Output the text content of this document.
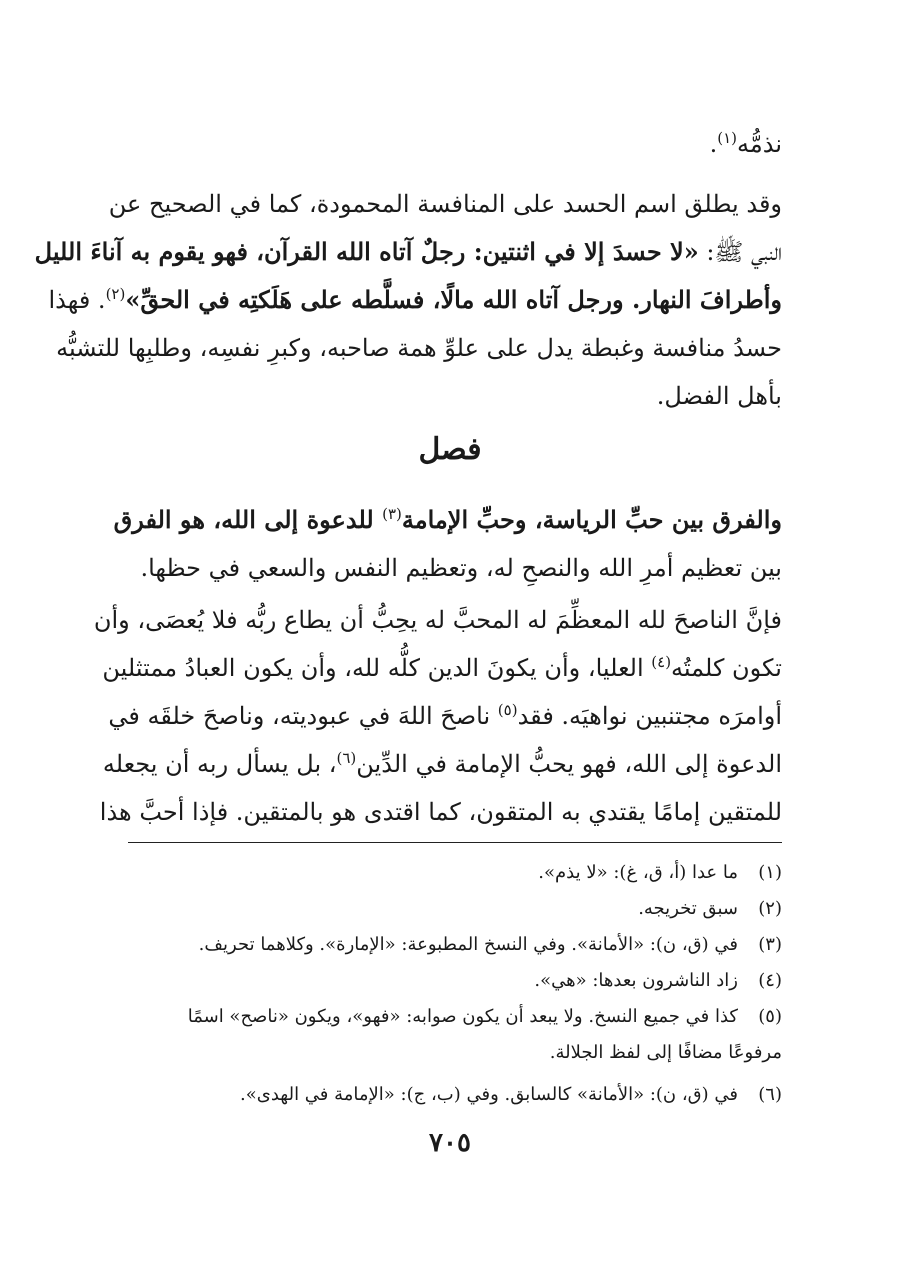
نذمُّه$^{(١)}$.
وقد يطلق اسم الحسد على المنافسة المحمودة، كما في الصحيح عن
النبي ﷺ: «لا حسدَ إلا في اثنتين: رجلٌ آتاه الله القرآن، فهو يقوم به آناءَ الليل
وأطرافَ النهار. ورجل آتاه الله مالًا، فسلَّطه على هَلَكتِه في الحقِّ»$^{(٢)}$. فهذا
حسدُ منافسة وغبطة يدل على علوِّ همة صاحبه، وكبرِ نفسِه، وطلبِها للتشبُّه
بأهل الفضل.
فصل
والفرق بين حبِّ الرياسة، وحبِّ الإمامة$^{(٣)}$ للدعوة إلى الله، هو الفرق
بين تعظيم أمرِ الله والنصحِ له، وتعظيم النفس والسعي في حظها.
فإنَّ الناصحَ لله المعظِّمَ له المحبَّ له يحِبُّ أن يطاع ربُّه فلا يُعصَى، وأن
تكون كلمتُه$^{(٤)}$ العليا، وأن يكونَ الدين كلُّه لله، وأن يكون العبادُ ممتثلين
أوامرَه مجتنبين نواهيَه. فقد$^{(٥)}$ ناصحَ اللهَ في عبوديته، وناصحَ خلقَه في
الدعوة إلى الله، فهو يحبُّ الإمامة في الدِّين$^{(٦)}$، بل يسأل ربه أن يجعله
للمتقين إمامًا يقتدي به المتقون، كما اقتدى هو بالمتقين. فإذا أحبَّ هذا
(١)ما عدا (أ، ق، غ): «لا يذم».
(٢)سبق تخريجه.
(٣)في (ق، ن): «الأمانة». وفي النسخ المطبوعة: «الإمارة». وكلاهما تحريف.
(٤)زاد الناشرون بعدها: «هي».
(٥)كذا في جميع النسخ. ولا يبعد أن يكون صوابه: «فهو»، ويكون «ناصح» اسمًا
مرفوعًا مضافًا إلى لفظ الجلالة.
(٦)في (ق، ن): «الأمانة» كالسابق. وفي (ب، ج): «الإمامة في الهدى».
٧٠٥
